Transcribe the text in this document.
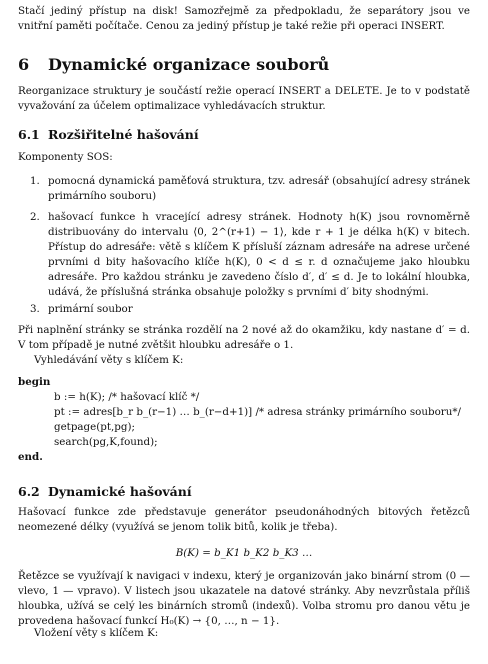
Stačí jediný přístup na disk! Samozřejmě za předpokladu, že separátory jsou ve vnitřní paměti počítače. Cenou za jediný přístup je také režie při operaci INSERT.

6 Dynamické organizace souborů

Reorganizace struktury je součástí režie operací INSERT a DELETE. Je to v podstatě vyvažování za účelem optimalizace vyhledávacích struktur.

6.1 Rozšiřitelné hašování

Komponenty SOS:

1. pomocná dynamická paměťová struktura, tzv. adresář (obsahující adresy stránek primárního souboru)
2. hašovací funkce h vracející adresy stránek. Hodnoty h(K) jsou rovnoměrně distribuovány do intervalu ⟨0, 2^(r+1) − 1⟩, kde r + 1 je délka h(K) v bitech. Přístup do adresáře: větě s klíčem K přísluší záznam adresáře na adrese určené prvními d bity hašovacího klíče h(K), 0 < d ≤ r. d označujeme jako hloubku adresáře. Pro každou stránku je zavedeno číslo d′, d′ ≤ d. Je to lokální hloubka, udává, že příslušná stránka obsahuje položky s prvními d′ bity shodnými.
3. primární soubor

Při naplnění stránky se stránka rozdělí na 2 nové až do okamžiku, kdy nastane d′ = d. V tom případě je nutné zvětšit hloubku adresáře o 1.

Vyhledávání věty s klíčem K:

begin
b := h(K); /* hašovací klíč */
pt := adres[b_r b_(r−1) … b_(r−d+1)] /* adresa stránky primárního souboru*/
getpage(pt,pg);
search(pg,K,found);
end.
6.2 Dynamické hašování

Hašovací funkce zde představuje generátor pseudonáhodných bitových řetězců neomezené délky (využívá se jenom tolik bitů, kolik je třeba).

B(K) = b_K1 b_K2 b_K3 …

Řetězce se využívají k navigaci v indexu, který je organizován jako binární strom (0 — vlevo, 1 — vpravo). V listech jsou ukazatele na datové stránky. Aby nevzrůstala příliš hloubka, užívá se celý les binárních stromů (indexů). Volba stromu pro danou větu je provedena hašovací funkcí H₀(K) → {0, …, n − 1}.

Vložení věty s klíčem K:
